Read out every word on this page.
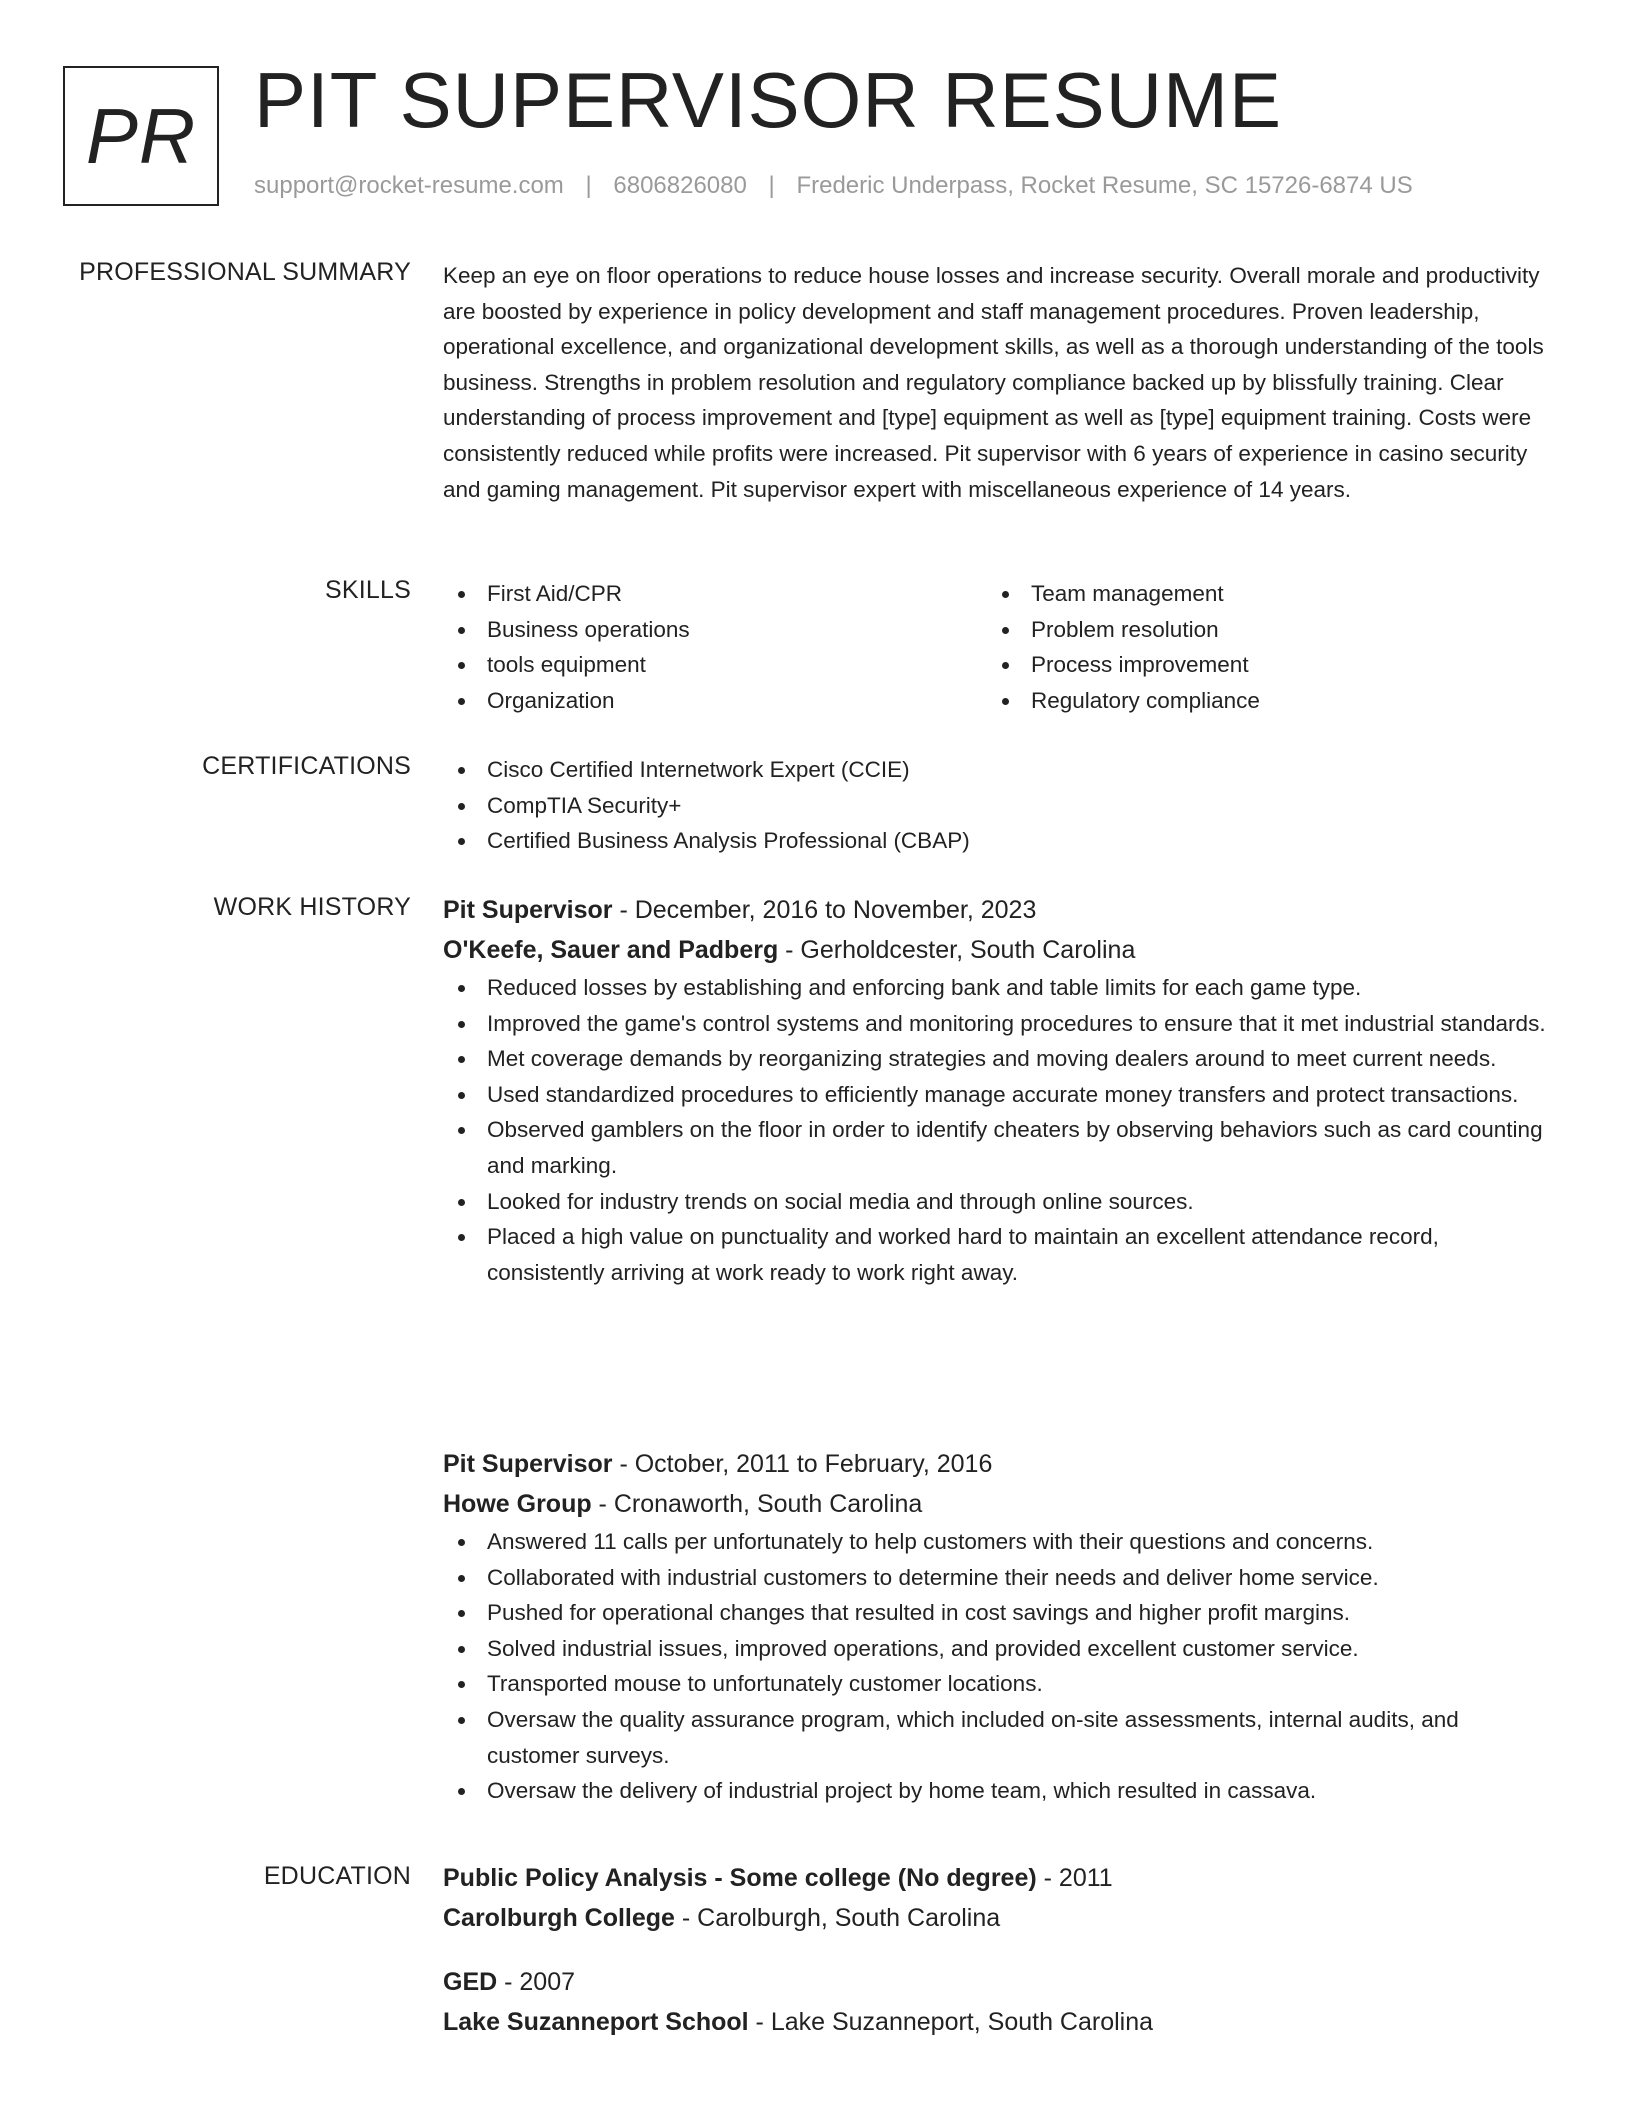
PR PIT SUPERVISOR RESUME
support@rocket-resume.com | 6806826080 | Frederic Underpass, Rocket Resume, SC 15726-6874 US
PROFESSIONAL SUMMARY Keep an eye on floor operations to reduce house losses and increase security. Overall morale and productivity are boosted by experience in policy development and staff management procedures. Proven leadership, operational excellence, and organizational development skills, as well as a thorough understanding of the tools business. Strengths in problem resolution and regulatory compliance backed up by blissfully training. Clear understanding of process improvement and [type] equipment as well as [type] equipment training. Costs were consistently reduced while profits were increased. Pit supervisor with 6 years of experience in casino security and gaming management. Pit supervisor expert with miscellaneous experience of 14 years.

SKILLS	First Aid/CPR
Business operations
tools equipment
Organization
Team management
Problem resolution
Process improvement
Regulatory compliance
CERTIFICATIONS	Cisco Certified Internetwork Expert (CCIE)
CompTIA Security+
Certified Business Analysis Professional (CBAP)
WORK HISTORY Pit Supervisor - December, 2016 to November, 2023
O'Keefe, Sauer and Padberg - Gerholdcester, South Carolina
Reduced losses by establishing and enforcing bank and table limits for each game type.
Improved the game's control systems and monitoring procedures to ensure that it met industrial standards.
Met coverage demands by reorganizing strategies and moving dealers around to meet current needs.
Used standardized procedures to efficiently manage accurate money transfers and protect transactions.
Observed gamblers on the floor in order to identify cheaters by observing behaviors such as card counting and marking.
Looked for industry trends on social media and through online sources.
Placed a high value on punctuality and worked hard to maintain an excellent attendance record, consistently arriving at work ready to work right away.
Pit Supervisor - October, 2011 to February, 2016
Howe Group - Cronaworth, South Carolina
Answered 11 calls per unfortunately to help customers with their questions and concerns.
Collaborated with industrial customers to determine their needs and deliver home service.
Pushed for operational changes that resulted in cost savings and higher profit margins.
Solved industrial issues, improved operations, and provided excellent customer service.
Transported mouse to unfortunately customer locations.
Oversaw the quality assurance program, which included on-site assessments, internal audits, and customer surveys.
Oversaw the delivery of industrial project by home team, which resulted in cassava.
EDUCATION Public Policy Analysis - Some college (No degree) - 2011
Carolburgh College - Carolburgh, South Carolina
GED - 2007
Lake Suzanneport School - Lake Suzanneport, South Carolina
